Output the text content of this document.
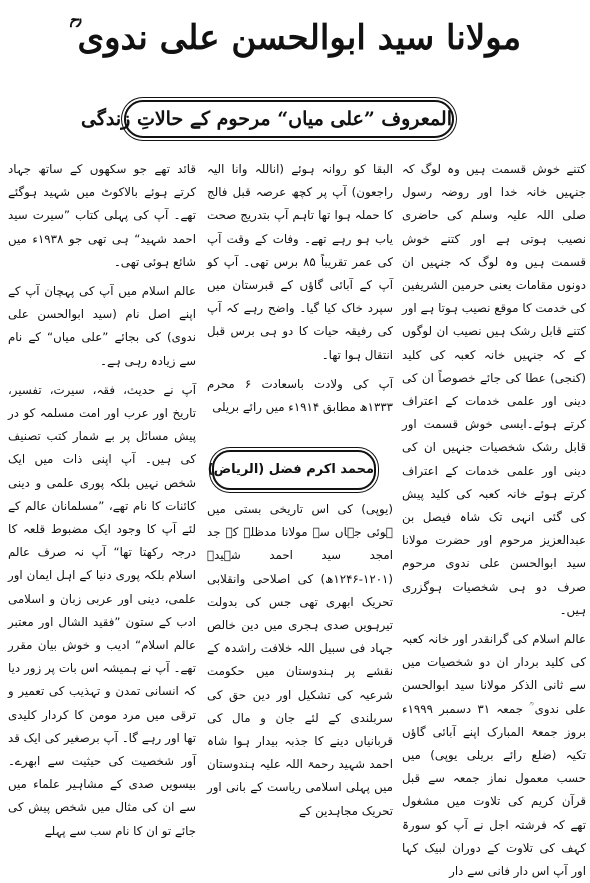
مولانا سید ابوالحسن علی ندوی ؒ
المعروف ”علی میاں“ مرحوم کے حالاتِ زندگی

کتنے خوش قسمت ہیں وہ لوگ کہ جنہیں خانہ خدا اور روضہ رسول صلی اللہ علیہ وسلم کی حاضری نصیب ہوتی ہے اور کتنے خوش قسمت ہیں وہ لوگ کہ جنہیں ان دونوں مقامات یعنی حرمین الشریفین کی خدمت کا موقع نصیب ہوتا ہے اور کتنے قابل رشک ہیں نصیب ان لوگوں کے کہ جنہیں خانہ کعبہ کی کلید (کنجی) عطا کی جائے خصوصاً ان کی دینی اور علمی خدمات کے اعتراف کرتے ہوئے۔ایسی خوش قسمت اور قابل رشک شخصیات جنہیں ان کی دینی اور علمی خدمات کے اعتراف کرتے ہوئے خانہ کعبہ کی کلید پیش کی گئی انہی تک شاہ فیصل بن عبدالعزیز مرحوم اور حضرت مولانا سید ابوالحسن علی ندوی مرحوم صرف دو ہی شخصیات ہوگزری ہیں۔

عالم اسلام کی گرانقدر اور خانہ کعبہ کی کلید بردار ان دو شخصیات میں سے ثانی الذکر مولانا سید ابوالحسن علی ندوی ؒ جمعہ ۳۱ دسمبر ۱۹۹۹ء بروز جمعۃ المبارک اپنے آبائی گاؤں تکیہ (ضلع رائے بریلی یوپی) میں حسب معمول نماز جمعہ سے قبل قرآن کریم کی تلاوت میں مشغول تھے کہ فرشتہ اجل نے آپ کو سورۃ کہف کی تلاوت کے دوران لبیک کہا اور آپ اس دار فانی سے دار

البقا کو روانہ ہوئے (اناللہ وانا الیہ راجعون) آپ پر کچھ عرصہ قبل فالج کا حملہ ہوا تھا تاہم آپ بتدریج صحت یاب ہو رہے تھے۔ وفات کے وقت آپ کی عمر تقریباً ۸۵ برس تھی۔ آپ کو آپ کے آبائی گاؤں کے قبرستان میں سپرد خاک کیا گیا۔ واضح رہے کہ آپ کی رفیقہ حیات کا دو ہی برس قبل انتقال ہوا تھا۔

آپ کی ولادت باسعادت ۶ محرم ۱۳۳۳ھ مطابق ۱۹۱۴ء میں رائے بریلی

(یوپی) کی اس تاریخی بستی میں ہوئی جہاں سے مولانا مدظلہ کے جد امجد سید احمد شہیدؒ (۱۲۰۱-۱۲۴۶ھ) کی اصلاحی وانقلابی تحریک ابھری تھی جس کی بدولت تیرہویں صدی ہجری میں دین خالص جہاد فی سبیل اللہ خلافت راشدہ کے نقشے پر ہندوستان میں حکومت شرعیہ کی تشکیل اور دین حق کی سربلندی کے لئے جان و مال کی قربانیاں دینے کا جذبہ بیدار ہوا شاہ احمد شہید رحمۃ اللہ علیہ ہندوستان میں پہلی اسلامی ریاست کے بانی اور تحریک مجاہدین کے

محمد اکرم فضل (الریاض)

قائد تھے جو سکھوں کے ساتھ جہاد کرتے ہوئے بالاکوٹ میں شہید ہوگئے تھے۔ آپ کی پہلی کتاب ”سیرت سید احمد شہید“ ہی تھی جو ۱۹۳۸ء میں شائع ہوئی تھی۔

عالم اسلام میں آپ کی پہچان آپ کے اپنے اصل نام (سید ابوالحسن علی ندوی) کی بجائے ”علی میاں“ کے نام سے زیادہ رہی ہے۔

آپ نے حدیث، فقہ، سیرت، تفسیر، تاریخ اور عرب اور امت مسلمہ کو در پیش مسائل پر بے شمار کتب تصنیف کی ہیں۔ آپ اپنی ذات میں ایک شخص نہیں بلکہ پوری علمی و دینی کائنات کا نام تھے، ”مسلمانان عالم کے لئے آپ کا وجود ایک مضبوط قلعہ کا درجہ رکھتا تھا“ آپ نہ صرف عالم اسلام بلکہ پوری دنیا کے اہل ایمان اور علمی، دینی اور عربی زبان و اسلامی ادب کے ستون ”فقید الشال اور معتبر عالم اسلام“ ادیب و خوش بیان مقرر تھے۔ آپ نے ہمیشہ اس بات پر زور دیا کہ انسانی تمدن و تہذیب کی تعمیر و ترقی میں مرد مومن کا کردار کلیدی تھا اور رہے گا۔ آپ برصغیر کی ایک قد آور شخصیت کی حیثیت سے ابھرے۔ بیسویں صدی کے مشاہیر علماء میں سے ان کی مثال میں شخص پیش کی جائے تو ان کا نام سب سے پہلے
